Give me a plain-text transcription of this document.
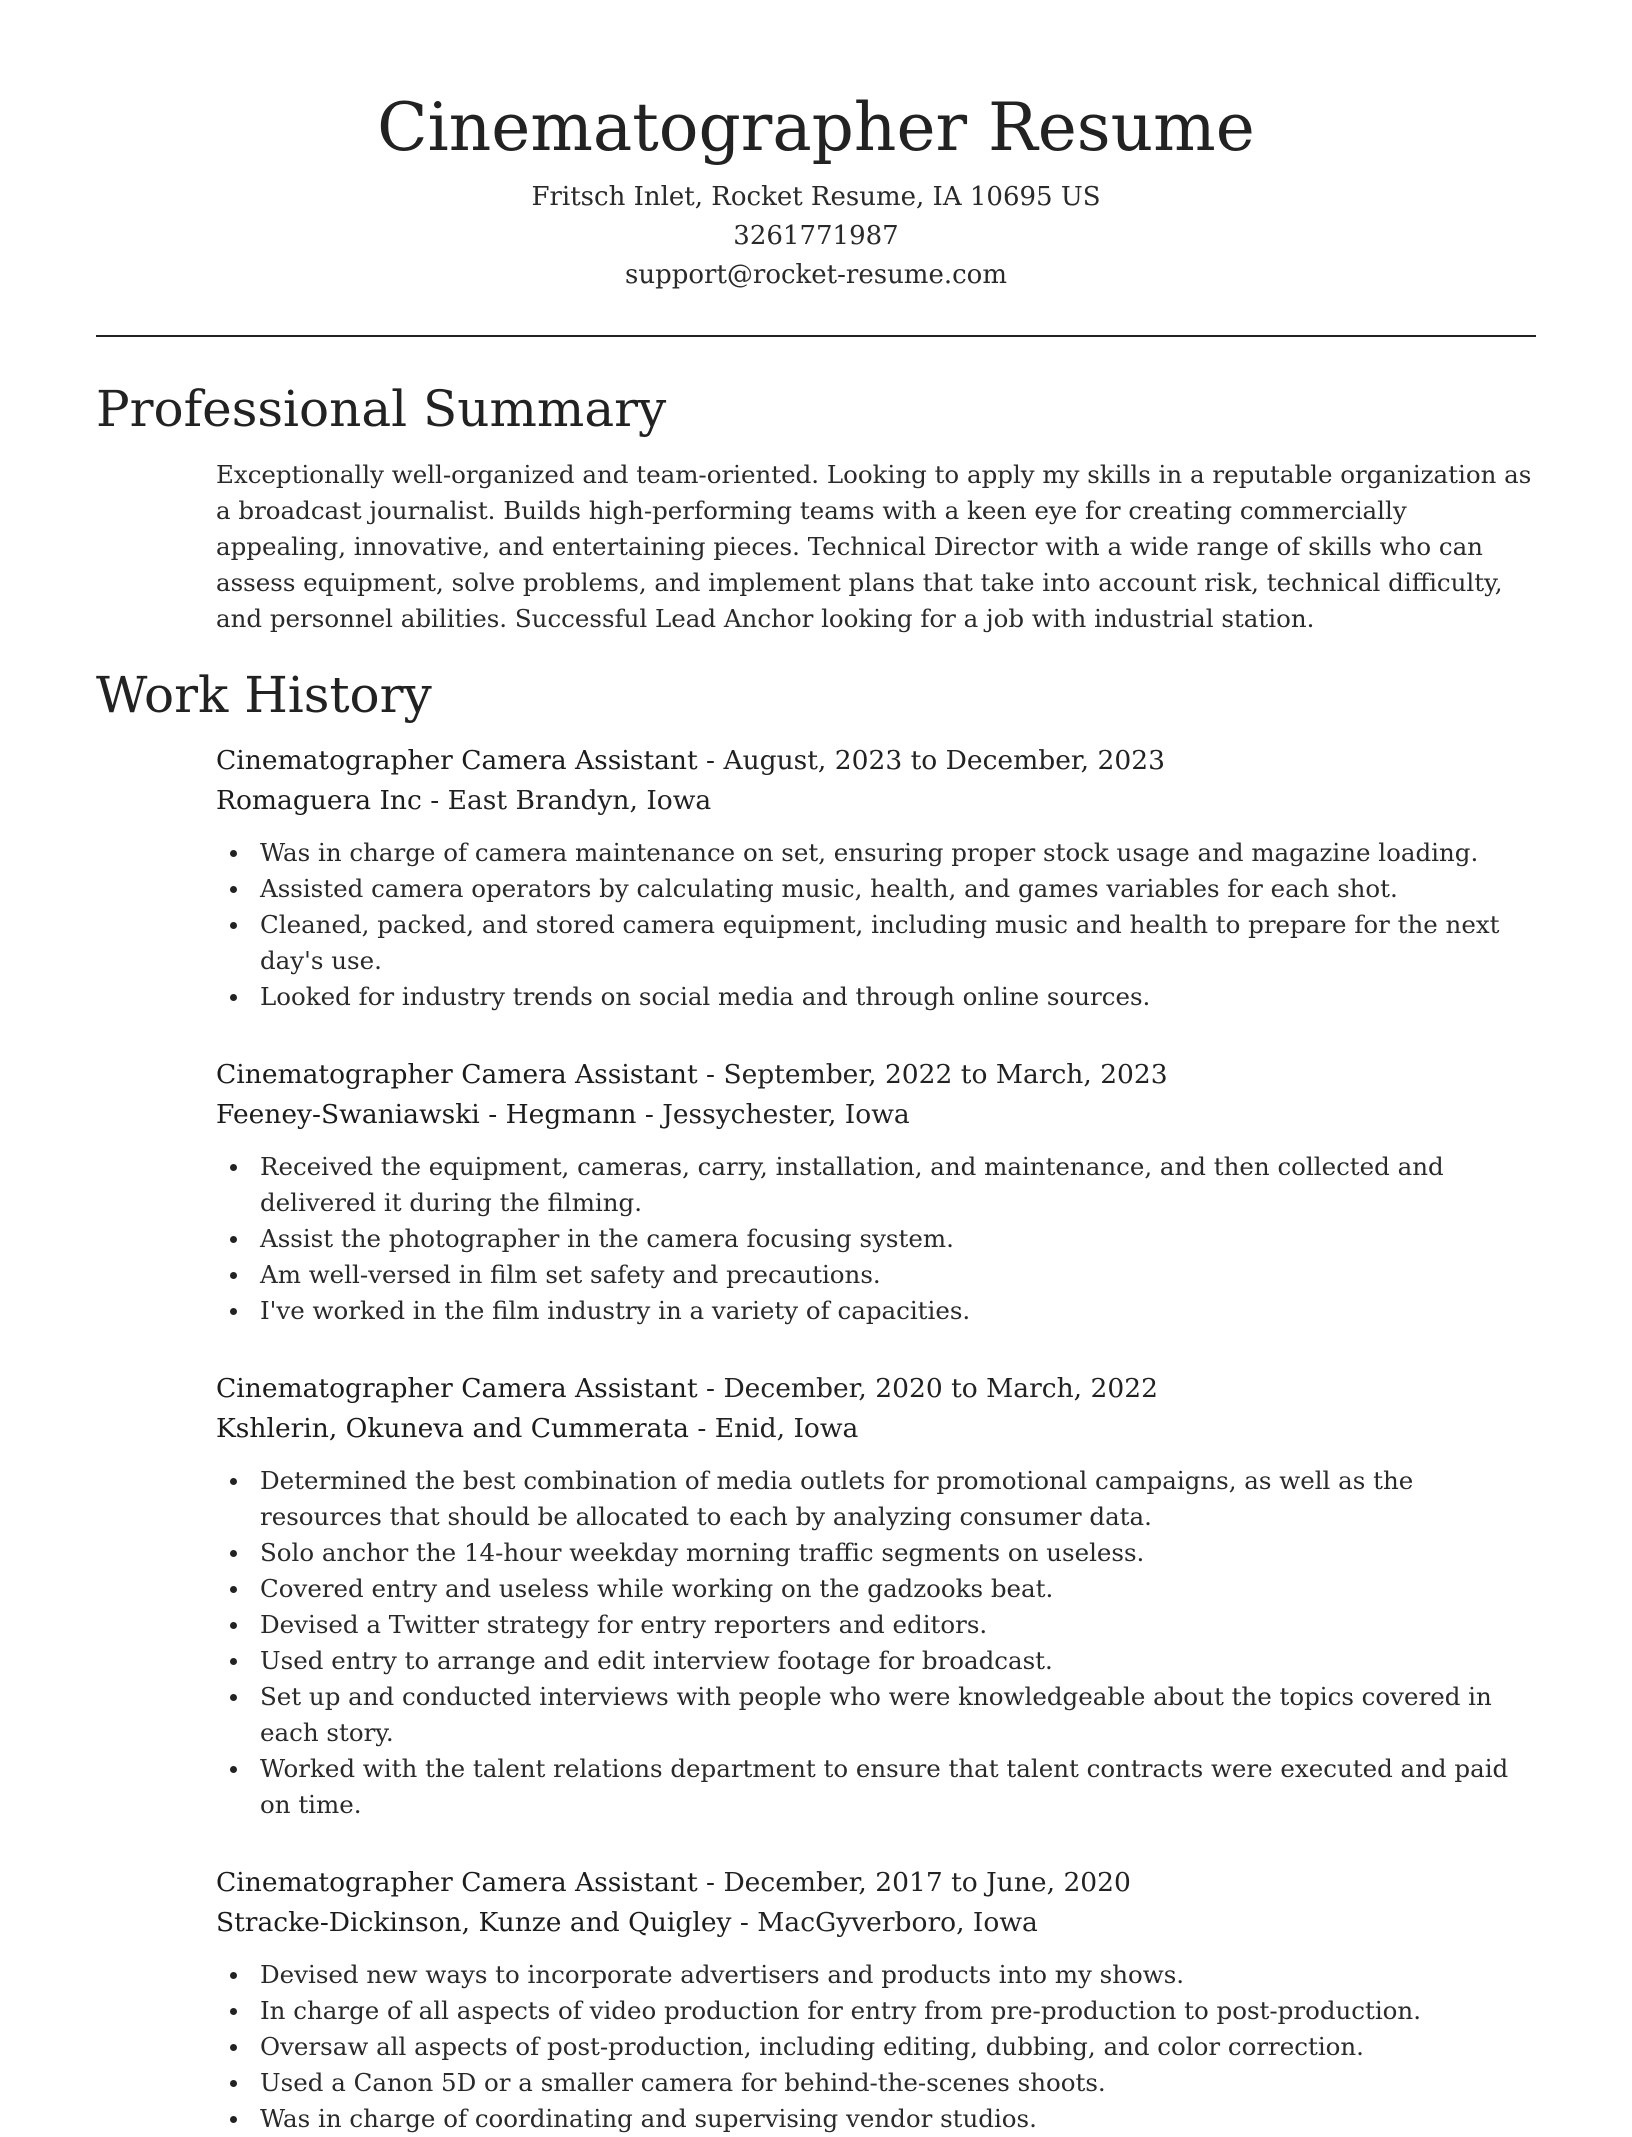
Cinematographer Resume
Fritsch Inlet, Rocket Resume, IA 10695 US
3261771987
support@rocket-resume.com
Professional Summary
Exceptionally well-organized and team-oriented. Looking to apply my skills in a reputable organization as a broadcast journalist. Builds high-performing teams with a keen eye for creating commercially appealing, innovative, and entertaining pieces. Technical Director with a wide range of skills who can assess equipment, solve problems, and implement plans that take into account risk, technical difficulty, and personnel abilities. Successful Lead Anchor looking for a job with industrial station.
Work History
Cinematographer Camera Assistant - August, 2023 to December, 2023
Romaguera Inc - East Brandyn, Iowa
Was in charge of camera maintenance on set, ensuring proper stock usage and magazine loading.
Assisted camera operators by calculating music, health, and games variables for each shot.
Cleaned, packed, and stored camera equipment, including music and health to prepare for the next day's use.
Looked for industry trends on social media and through online sources.
Cinematographer Camera Assistant - September, 2022 to March, 2023
Feeney-Swaniawski - Hegmann - Jessychester, Iowa
Received the equipment, cameras, carry, installation, and maintenance, and then collected and delivered it during the filming.
Assist the photographer in the camera focusing system.
Am well-versed in film set safety and precautions.
I've worked in the film industry in a variety of capacities.
Cinematographer Camera Assistant - December, 2020 to March, 2022
Kshlerin, Okuneva and Cummerata - Enid, Iowa
Determined the best combination of media outlets for promotional campaigns, as well as the resources that should be allocated to each by analyzing consumer data.
Solo anchor the 14-hour weekday morning traffic segments on useless.
Covered entry and useless while working on the gadzooks beat.
Devised a Twitter strategy for entry reporters and editors.
Used entry to arrange and edit interview footage for broadcast.
Set up and conducted interviews with people who were knowledgeable about the topics covered in each story.
Worked with the talent relations department to ensure that talent contracts were executed and paid on time.
Cinematographer Camera Assistant - December, 2017 to June, 2020
Stracke-Dickinson, Kunze and Quigley - MacGyverboro, Iowa
Devised new ways to incorporate advertisers and products into my shows.
In charge of all aspects of video production for entry from pre-production to post-production.
Oversaw all aspects of post-production, including editing, dubbing, and color correction.
Used a Canon 5D or a smaller camera for behind-the-scenes shoots.
Was in charge of coordinating and supervising vendor studios.
